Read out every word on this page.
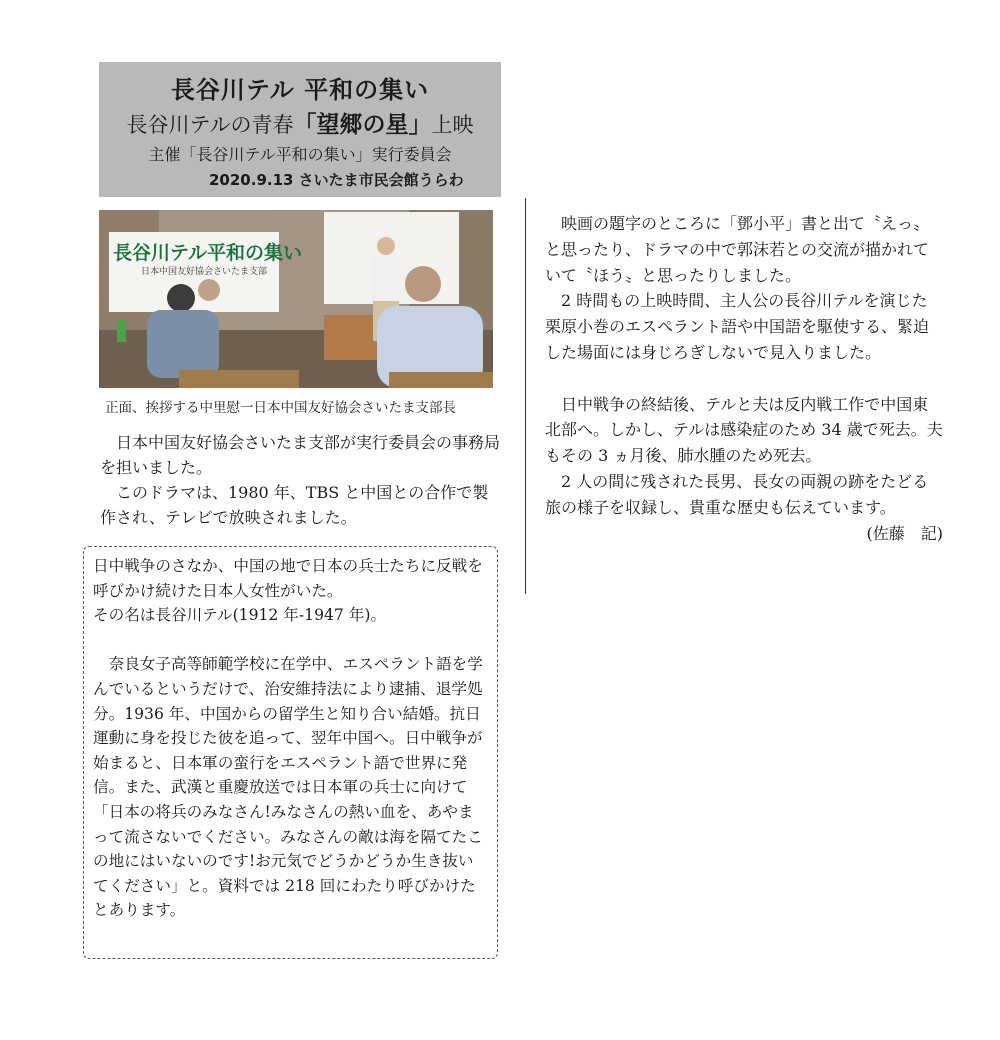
長谷川テル 平和の集い
長谷川テルの青春「望郷の星」上映
主催「長谷川テル平和の集い」実行委員会
2020.9.13 さいたま市民会館うらわ
長谷川テル平和の集い
日本中国友好協会さいたま支部
正面、挨拶する中里慰一日本中国友好協会さいたま支部長

日本中国友好協会さいたま支部が実行委員会の事務局を担いました。

このドラマは、1980 年、TBS と中国との合作で製作され、テレビで放映されました。

日中戦争のさなか、中国の地で日本の兵士たちに反戦を呼びかけ続けた日本人女性がいた。

その名は長谷川テル(1912 年-1947 年)。

奈良女子高等師範学校に在学中、エスペラント語を学んでいるというだけで、治安維持法により逮捕、退学処分。1936 年、中国からの留学生と知り合い結婚。抗日運動に身を投じた彼を追って、翌年中国へ。日中戦争が始まると、日本軍の蛮行をエスペラント語で世界に発信。また、武漢と重慶放送では日本軍の兵士に向けて「日本の将兵のみなさん!みなさんの熱い血を、あやまって流さないでください。みなさんの敵は海を隔てたこの地にはいないのです!お元気でどうかどうか生き抜いてください」と。資料では 218 回にわたり呼びかけたとあります。

映画の題字のところに「鄧小平」書と出て〝えっ〟と思ったり、ドラマの中で郭沫若との交流が描かれていて〝ほう〟と思ったりしました。

2 時間もの上映時間、主人公の長谷川テルを演じた栗原小巻のエスペラント語や中国語を駆使する、緊迫した場面には身じろぎしないで見入りました。

日中戦争の終結後、テルと夫は反内戦工作で中国東北部へ。しかし、テルは感染症のため 34 歳で死去。夫もその 3 ヵ月後、肺水腫のため死去。

2 人の間に残された長男、長女の両親の跡をたどる旅の様子を収録し、貴重な歴史も伝えています。
(佐藤　記)
